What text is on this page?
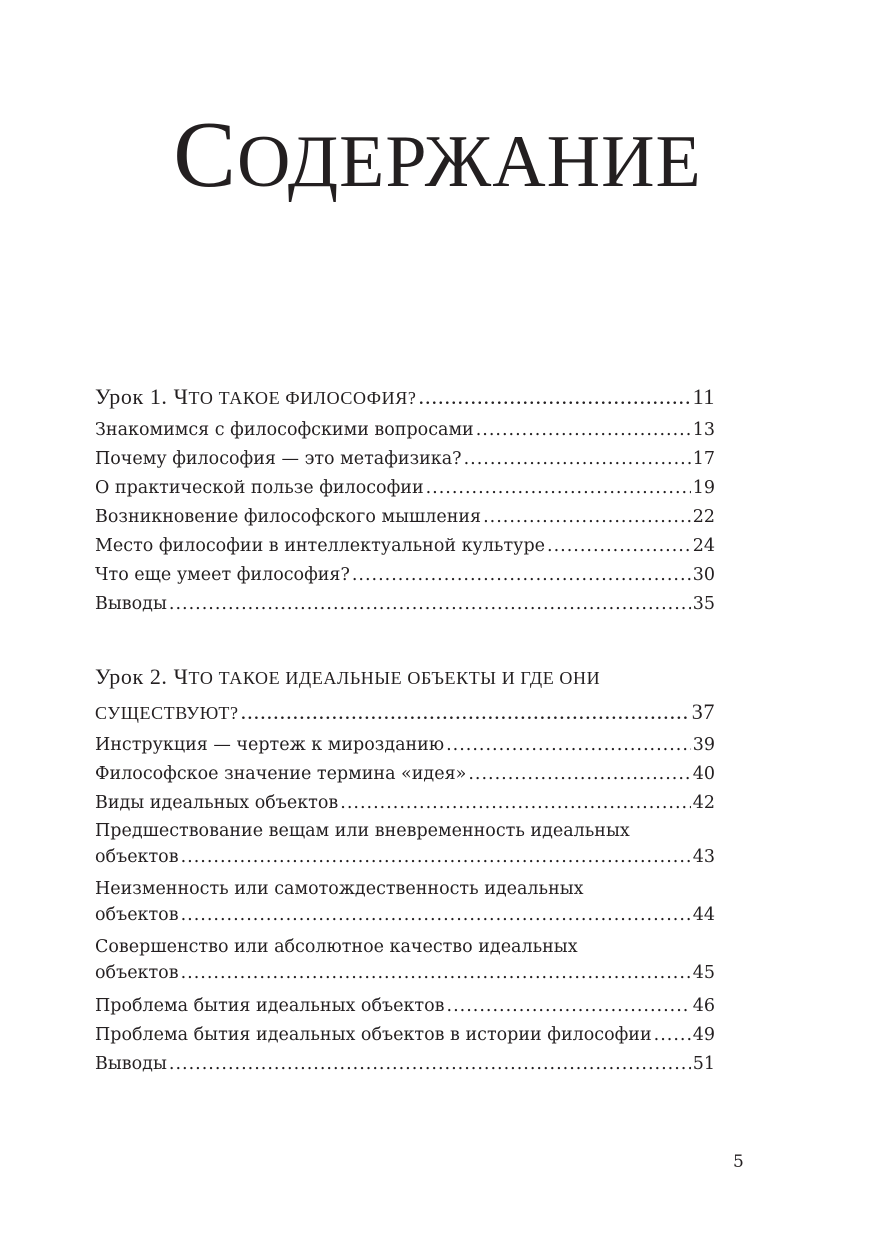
СОДЕРЖАНИЕ
Урок 1. ЧТО ТАКОЕ ФИЛОСОФИЯ? .....	11
Знакомимся с философскими вопросами .....	13
Почему философия — это метафизика? .....	17
О практической пользе философии .....	19
Возникновение философского мышления .....	22
Место философии в интеллектуальной культуре .....	24
Что еще умеет философия? .....	30
Выводы .....	35
Урок 2. ЧТО ТАКОЕ ИДЕАЛЬНЫЕ ОБЪЕКТЫ И ГДЕ ОНИ
СУЩЕСТВУЮТ? .....	37
Инструкция — чертеж к мирозданию .....	39
Философское значение термина «идея» .....	40
Виды идеальных объектов .....	42
Предшествование вещам или вневременность идеальных
объектов .....	43
Неизменность или самотождественность идеальных
объектов .....	44
Совершенство или абсолютное качество идеальных
объектов .....	45
Проблема бытия идеальных объектов .....	46
Проблема бытия идеальных объектов в истории философии ..... 49
Выводы .....	51
5
